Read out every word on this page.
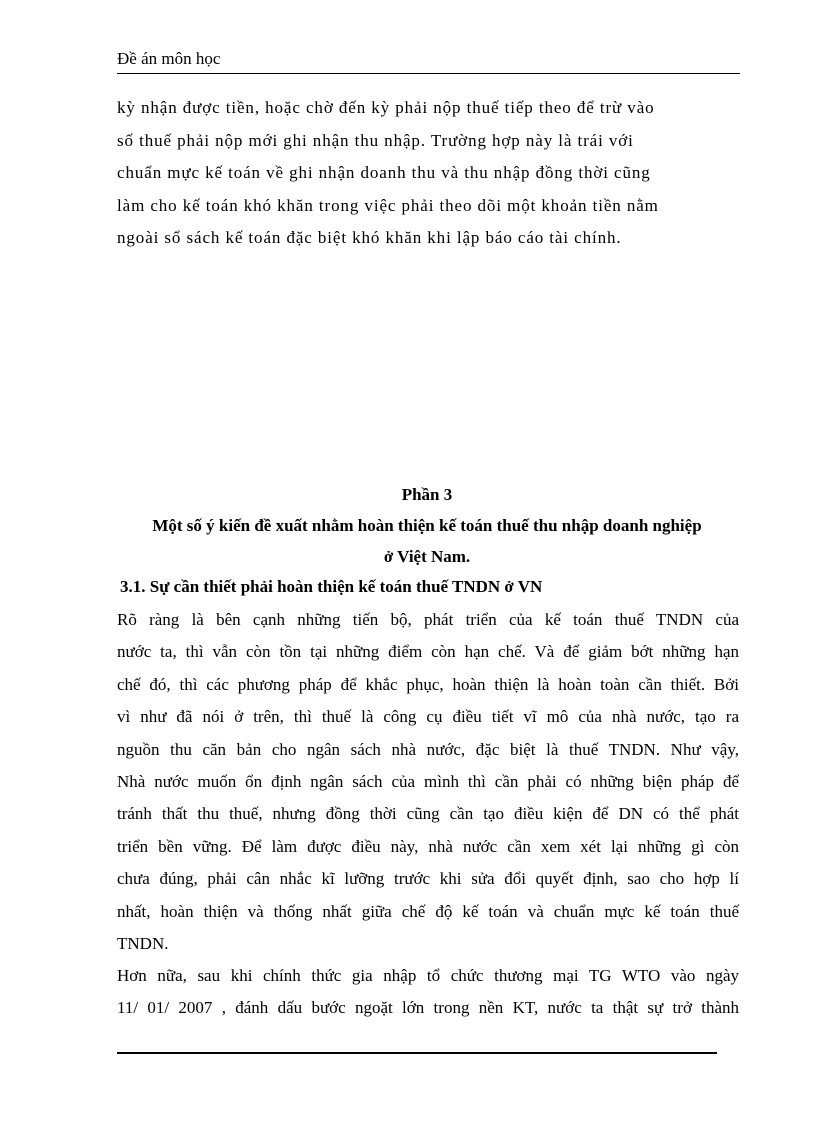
Đề án môn học

kỳ nhận được tiền, hoặc chờ đến kỳ phải nộp thuế tiếp theo để trừ vào
số thuế phải nộp mới ghi nhận thu nhập. Trường hợp này là trái với
chuẩn mực kế toán về ghi nhận doanh thu và thu nhập đồng thời cũng
làm cho kế toán khó khăn trong việc phải theo dõi một khoản tiền nằm
ngoài sổ sách kế toán đặc biệt khó khăn khi lập báo cáo tài chính.

Phần 3
Một số ý kiến đề xuất nhằm hoàn thiện kế toán thuế thu nhập doanh nghiệp
ở Việt Nam.
3.1. Sự cần thiết phải hoàn thiện kế toán thuế TNDN ở VN

Rõ ràng là bên cạnh những tiến bộ, phát triển của kế toán thuế TNDN của
nước ta, thì vẫn còn tồn tại những điểm còn hạn chế. Và để giảm bớt những hạn
chế đó, thì các phương pháp để khắc phục, hoàn thiện là hoàn toàn cần thiết. Bởi
vì như đã nói ở trên, thì thuế là công cụ điều tiết vĩ mô của nhà nước, tạo ra
nguồn thu căn bản cho ngân sách nhà nước, đặc biệt là thuế TNDN. Như vậy,
Nhà nước muốn ổn định ngân sách của mình thì cần phải có những biện pháp để
tránh thất thu thuế, nhưng đồng thời cũng cần tạo điều kiện để DN có thể phát
triển bền vững. Để làm được điều này, nhà nước cần xem xét lại những gì còn
chưa đúng, phải cân nhắc kĩ lưỡng trước khi sửa đổi quyết định, sao cho hợp lí
nhất, hoàn thiện và thống nhất giữa chế độ kế toán và chuẩn mực kế toán thuế
TNDN.

Hơn nữa, sau khi chính thức gia nhập tổ chức thương mại TG WTO vào ngày
11/ 01/ 2007 , đánh dấu bước ngoặt lớn trong nền KT, nước ta thật sự trở thành
